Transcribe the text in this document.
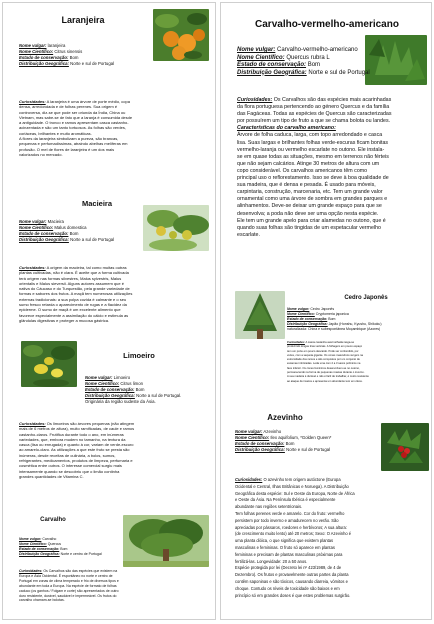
Laranjeira
Nome vulgar: laranjeira
Nome Científico: Citrus sinensis
Estado de conservação: Bom
Distribuição Geográfica: Norte e sul de Portugal
Curiosidades: A laranjeira é uma árvore de porte médio, copa
densa, arredondada e de folhas perenes. Sua origem é
controversa, diz-se que pode ser oriunda da Índia, China ou
Vietnam, mas sabe-se de fato que a laranja é consumida desde
a antiguidade. O tronco e ramos apresentam casca castanho-
acinzentada e são um tanto tortuosos. As folhas são verdes,
coriáceas, brilhantes e muito aromáticas.
A flores da laranjeira simbolizam a pureza, são brancas,
pequenas e perfumadíssimas, atraindo abelhas melíferas em
profusão. O mel de flores de laranjeira é um dos mais
valorizados no mercado.
Macieira
Nome vulgar: Macieira
Nome Científico: Malus domestica
Estado de conservação: Bom
Distribuição Geográfica: Norte a sul de Portugal
Curiosidades: A origem da macieira, tal como muitas outras
plantas cultivadas, não é clara. É aceite que a forma cultivada
terá origem nas formas silvestres, Malus sylvestris, Malus
orientalis e Malus sieversii. Alguns autores assumem que é
nativa do Cáucaso e do Turquestão, pela grande variedade de
formas e sabores dos frutos. A maçã tem numerosas utilizações
externas tradicionais: a sua polpa cozida é calmante e o seu
sumo fresco retarda o aparecimento de rugas e a flacidez da
epiderme. O sumo de maçã é um excelente alimento que
favorece especialmente a assimilação do cálcio e estimula as
glândulas digestivas e proteger a mucosa gástrica.
Limoeiro
Nome vulgar: Limoeiro
Nome Científico: Citrus limon
Estado de conservação: Bom
Distribuição Geográfica: Norte a sul de Portugal.
Originária da região sudeste da Ásia.
Curiosidades: Os limoeiros são árvores pequenas (não atingem
mais de 6 metros de altura), muito ramificadas, de caule e ramos
castanho-claros. Frutifica durante todo o ano, em inúmeras
variedades, que, embora mudem no tamanho, na textura da
casca (lisa ou enrugada) e quanto à cor, variam de verde-escuro
ao amarelo-claro. As utilizações a que este fruto se presta são
inúmeras, desde receitas de culinária, a bolos, sumos,
refrigerantes, medicamentos, produtos de limpeza, perfumaria e
cosmética entre outros. O interesse comercial surgiu mais
intensamente quando se descobriu que o limão continha
grandes quantidades de Vitamina C.
Carvalho
Nome vulgar: Carvalho
Nome Científico: Quercus
Estado de conservação: Bom
Distribuição Geográfica: Norte e centro de Portugal
Curiosidades: Os Carvalhos são das espécies que existem na
Europa e Ásia Ocidental. É espontâneo no norte e centro de
Portugal em zonas de clima temperado e frio de diversos tipos e
abundante em toda a Europa. Na espécie de formato de folhas
caduco (os ganhos / Folgam e corte) são apresentados de outro
duro resistente, durável, saudável e impermeável. Os frutos do
carvalho chamam-se bolotas.
Carvalho-vermelho-americano
Nome vulgar: Carvalho-vermelho-americano
Nome Científico: Quercus rubra L
Estado de conservação: Bom
Distribuição Geográfica: Norte e sul de Portugal
Curiosidades: Os Carvalhos são das espécies mais acarinhadas
da flora portuguesa pertencendo ao género Quercus e da família
das Fagáceas. Todas as espécies de Quercus são caracterizadas
por possuírem um tipo de fruto a que se chama bolota ou landes.
Características do carvalho americano:
Árvore de folha caduca, larga, com topo arredondado e casca
lisa. Suas largas e brilhantes folhas verde-escuras ficam bonitas
vermelho-laranja ou vermelho escarlate no outono. Ele instala-
se em quase todas as situações, mesmo em terrenos não férteis
que não sejam calcários. Atinge 30 metros de altura com um
copo considerável. Os carvalhos americanos têm como
principal uso o reflorestamento. Isso se deve à boa qualidade de
sua madeira, que é densa e pesada. É usado para móveis,
carpintaria, construção, marcenaria, etc. Tem um grande valor
ornamental como uma árvore de sombra em grandes parques e
alinhamentos. Deve-se deixar um grande espaço para que se
desenvolva; a poda não deve ser uma opção nesta espécie.
Ele tem um grande apelo para criar alamedas no outono, que é
quando suas folhas são tingidas de um espetacular vermelho
escarlate.
Cedro Japonês
Nome vulgar: Cedro Japonês
Nome Científico: Cryptomeria japonica
Estado de conservação: Bom
Distribuição Geográfica: Japão (Honshu, Kyushu, Shikoku)
naturalizada: China e subespontânea Moçambique (Azores)
Curiosidades: A casca castanha avermelhada rasga-se
produzindo longas tiras verticais. A folhagem em pouco espaço
tem um porte em pouco descaído. Pode ser confundido, por
vezes, com a sequoia gigante. Os cones masculinos surgem na
extremidade dos ramos e são compostos por um conjunto de
escamas imbricadas. Leda uma com 2 a 3 sacos polínicos na
face inferior. Os cones femininos desenvolvem-se no outono,
permanecendo na forma de pequenas rosetas durante o inverno.
A sua madeira é durável e não é fácil de trabalhar, é muito resistente
ao ataque de insetos e apresenta um abundante teor em óleos.
Azevinho
Nome vulgar: Azevinho
Nome Científico: Ilex aquifolium, *Golden Queen*
Estado de conservação: Bom
Distribuição Geográfica: Norte e sul de Portugal
Curiosidades: O azevinho tem origem autóctone (Europa
Ocidental e Central, Ilhas Britânicas e Noruega). A Distribuição
Geográfica desta espécie: Sul e Oeste da Europa, Norte de África
e Oeste da Ásia. Na Península Ibérica é especialmente
abundante nas regiões setentrionais.
Tem folhas perenes verde e amarelo. Cor do fruto: vermelho
persistem por todo inverno e amadurecem no verão. São
apreciadas por pássaros, roedores e herbívoros; A sua altura:
(de crescimento muito lento) até 20 metros; Sexo: O Azevinho é
uma planta dióica, o que significa que existem plantas
masculinas e femininas. O fruto só aparece em plantas
femininas e precisam de plantas masculinas próximas para
fertilizá-las. Longevidade: 20 a 50 anos.
Espécie protegida por lei (Decreto lei nº 423/1989, de 4 de
Dezembro). Os frutos e provavelmente outras partes da planta
contêm saponinas e são tóxicos, causando diarreia, vómitos e
choque. Contudo os níveis de toxicidade são baixos e em
princípio só em grandes doses é que estes problemas surgirão.
